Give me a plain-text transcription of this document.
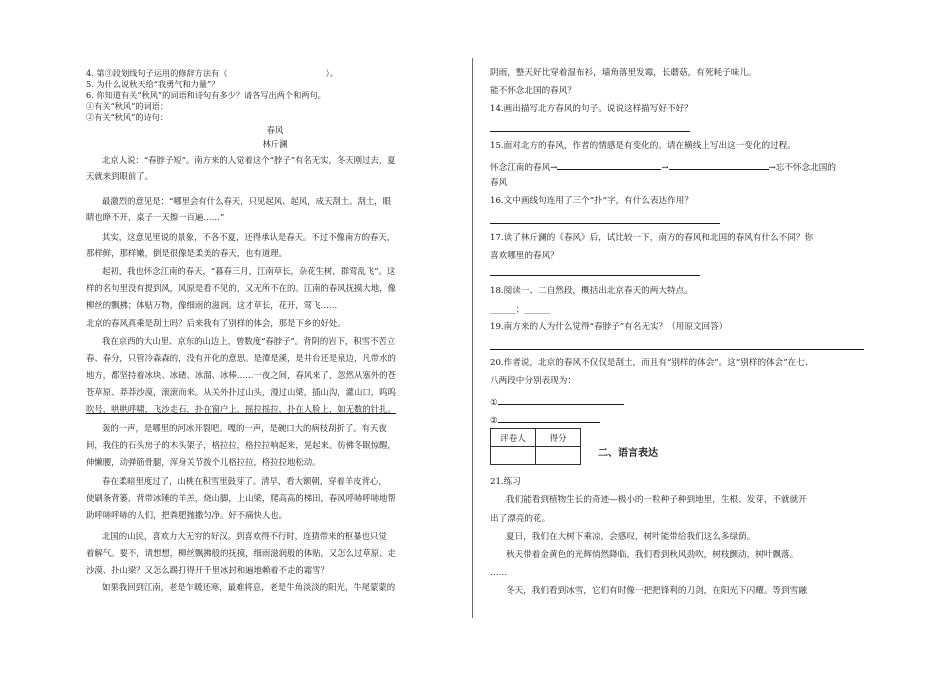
4. 第③段划线句子运用的修辞方法有（　　　　　　　　　　　　）。
5. 为什么说秋天给“我勇气和力量”？
6. 你知道有关“秋风”的词语和诗句有多少？请各写出两个和两句。
①有关“秋风”的词语：
②有关“秋风”的诗句：
春风
林斤澜
北京人说：“春脖子短”。南方来的人觉着这个“脖子”有名无实，冬天刚过去，夏
天就来到眼前了。
最激烈的意见是：“哪里会有什么春天，只见起风、起风，成天刮土、刮土，眼
睛也睁不开，桌子一天擦一百遍……”
其实，这意见里说的景象，不各不夏，还得承认是春天。不过不像南方的春天，
那样鲜，那样嫩，倒是很像是柔美的春天，也有道理。
起初，我也怀念江南的春天，“暮春三月，江南草长，杂花生树，群莺乱飞”。这
样的名句里没有提到风，风原是看不见的，又无所不在的。江南的春风抚摸大地，像
柳丝的飘拂；体贴万物，像细雨的滋润。这才草长，花开，莺飞……
北京的春风真乘是刮土吗？后来我有了别样的体会，那是下乡的好处。
我在京西的大山里、京东的山边上，曾数度“春脖子”。背阴的岩下，积雪不苦立
春、春分，只管冷森森的，没有开化的意思。是潭是溪，是井台还是泉边，凡带水的
地方，都坚持着冰块、冰碴、冰溜、冰棒……一夜之间，春风来了，忽然从塞外的苍
苍草原、莽莽沙漠，滚滚而来。从关外扑过山头，漫过山梁，插山沟，灌山口，呜呜
吹号，哄哄呼啸，飞沙走石，扑在窗户上，摇拉摇拉，扑在人脸上，如无数的针扎。
轰的一声，是哪里的河冰开裂吧。嘎的一声，是碗口大的病枝刮折了。有天夜
间，我住的石头房子的木头架子，格拉拉，格拉拉响起来，晃起来。仿佛冬眠惊醒，
伸懒腰，动弹筋骨腿，浑身关节拨个儿格拉拉，格拉拉地松动。
春在柔暗里度过了，山桃在积雪里鼓芽了。清早，看大额朝，穿着羊皮背心，
使刷条背篓，背带冰锤的羊羔，烧山脚，上山梁，爬高高的梯田，春风呼哧呼哧地帮
助呼哧呼哧的人们，把粪肥抛撒匀净。好不痛快人也。
北国的山民，喜欢力大无穷的好汉。到喜欢得不行时，连猜带来的枢暴也只觉
着解气。要不，请想想，柳丝飘拂般的抚摸，细雨滋润般的体贴，又怎么过草原、走
沙漠、扑山梁？又怎么踢打得开千里冰封和遍地赖着不走的霜雪？
如果我回到江南，老是乍暖还寒，最难将息，老是牛角淡淡的阳光，牛尾蒙蒙的
阴雨，整天好比穿着湿布衫，墙角落里发霉，长蘑菇，有死耗子味儿。
能不怀念北国的春风？
14.画出描写北方春风的句子。说说这样描写好不好？
15.面对北方的春风，作者的情感是有变化的。请在横线上写出这一变化的过程。
怀念江南的春风→	→	→忘不怀念北国的
春风
16.文中画线句连用了三个“扑”字，有什么表达作用？
17.读了林斤澜的《春风》后，试比较一下，南方的春风和北国的春风有什么不同？你
喜欢哪里的春风？
18.阅读一、二自然段，概括出北京春天的两大特点。
______；______
19.南方来的人为什么觉得“春脖子”有名无实？（用原文回答）
20.作者说，北京的春风不仅仅是刮土，而且有“别样的体会”。这“别样的体会”在七、
八两段中分别表现为：
①
②
评卷人	得分

二、语言表达
21.练习
我们能看到植物生长的奇迹—极小的一粒种子种到地里，生根、发芽，不就就开
出了漂亮的花。
夏日，我们在大树下乘凉，会感叹，树叶能带给我们这么多绿荫。
秋天带着金黄色的光辉悄然降临。我们看到秋风劲吹，树枝颤动，树叶飘落。
……
冬天，我们看到冰雪，它们有时像一把把锋利的刀剑，在阳光下闪耀。等到雪融
